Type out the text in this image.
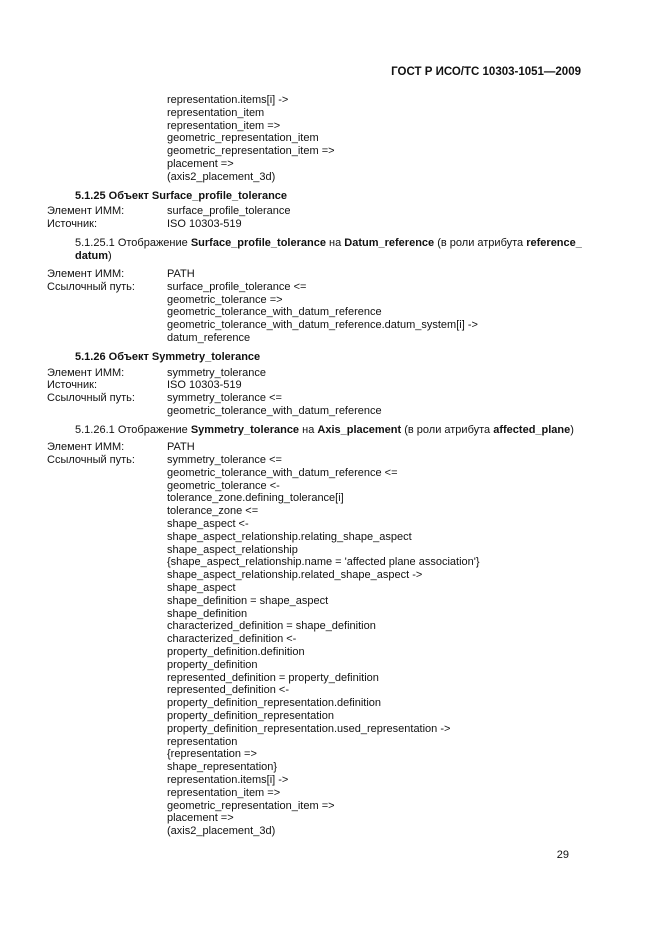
ГОСТ Р ИСО/ТС 10303-1051—2009
representation.items[i] ->
representation_item
representation_item =>
geometric_representation_item
geometric_representation_item =>
placement =>
(axis2_placement_3d)
5.1.25 Объект Surface_profile_tolerance
Элемент ИММ:	surface_profile_tolerance
Источник:	ISO 10303-519
5.1.25.1 Отображение Surface_profile_tolerance на Datum_reference (в роли атрибута reference_
datum)
Элемент ИММ:	PATH
Ссылочный путь:	surface_profile_tolerance <=
geometric_tolerance =>
geometric_tolerance_with_datum_reference
geometric_tolerance_with_datum_reference.datum_system[i] ->
datum_reference
5.1.26 Объект Symmetry_tolerance
Элемент ИММ:	symmetry_tolerance
Источник:	ISO 10303-519
Ссылочный путь:	symmetry_tolerance <=
geometric_tolerance_with_datum_reference
5.1.26.1 Отображение Symmetry_tolerance на Axis_placement (в роли атрибута affected_plane)
Элемент ИММ:	PATH
Ссылочный путь:	symmetry_tolerance <=
geometric_tolerance_with_datum_reference <=
geometric_tolerance <-
tolerance_zone.defining_tolerance[i]
tolerance_zone <=
shape_aspect <-
shape_aspect_relationship.relating_shape_aspect
shape_aspect_relationship
{shape_aspect_relationship.name = 'affected plane association'}
shape_aspect_relationship.related_shape_aspect ->
shape_aspect
shape_definition = shape_aspect
shape_definition
characterized_definition = shape_definition
characterized_definition <-
property_definition.definition
property_definition
represented_definition = property_definition
represented_definition <-
property_definition_representation.definition
property_definition_representation
property_definition_representation.used_representation ->
representation
{representation =>
shape_representation}
representation.items[i] ->
representation_item =>
geometric_representation_item =>
placement =>
(axis2_placement_3d)
29
